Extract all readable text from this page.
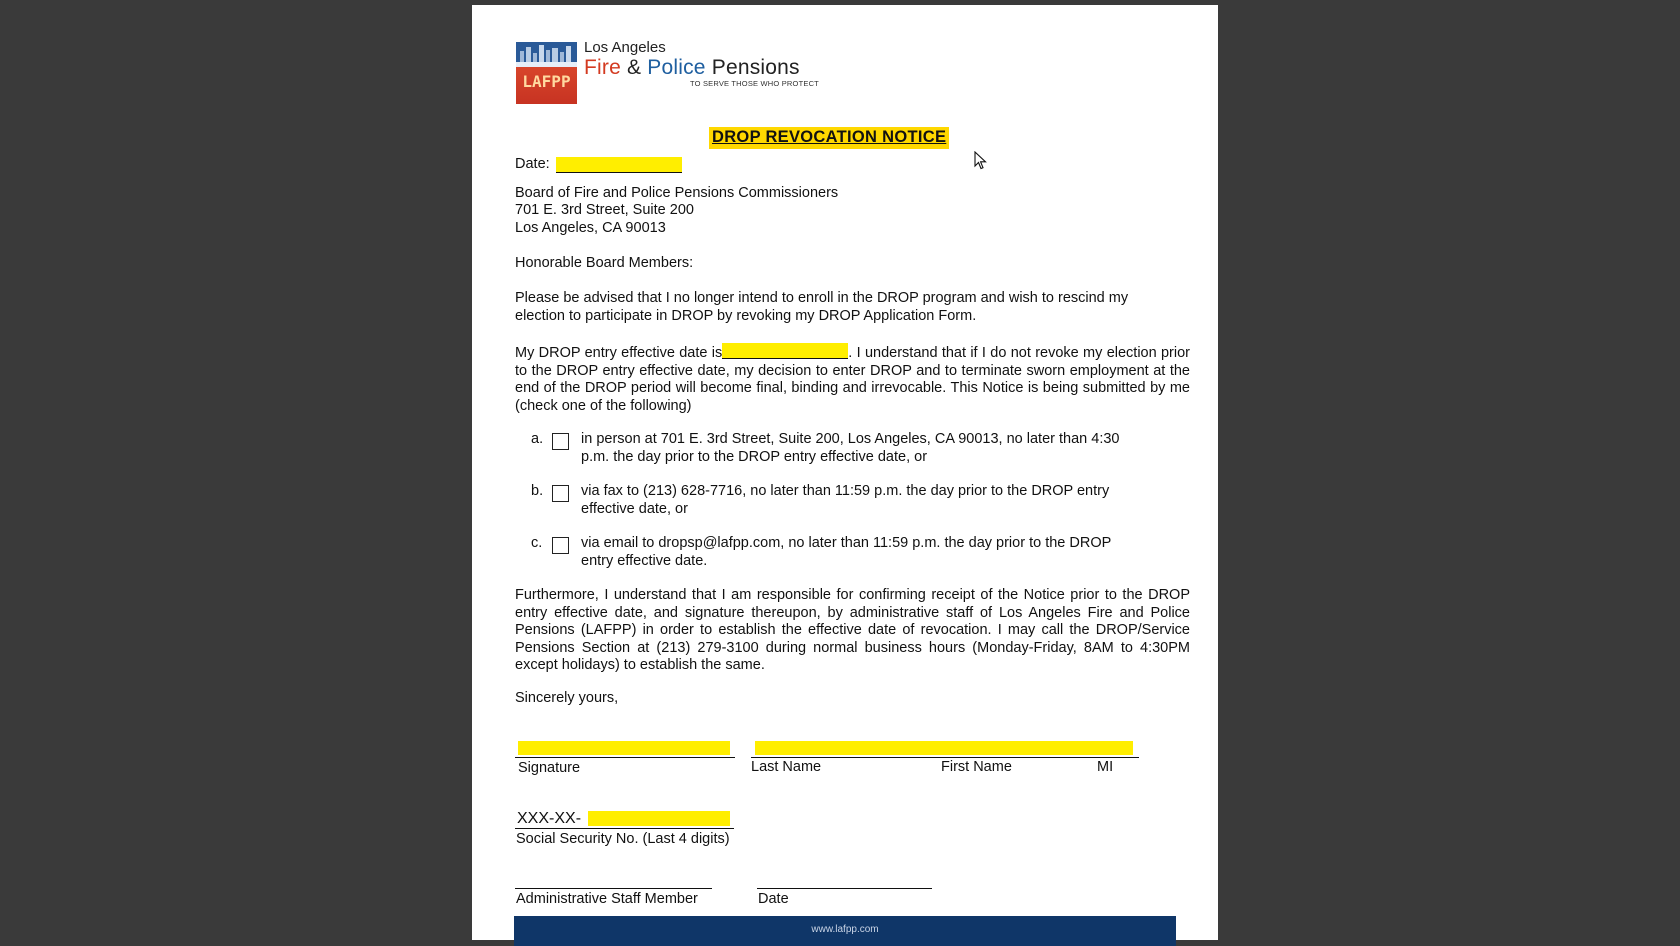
LAFPP
Los Angeles
Fire & Police Pensions
TO SERVE THOSE WHO PROTECT
DROP REVOCATION NOTICE
Date:
Board of Fire and Police Pensions Commissioners
701 E. 3rd Street, Suite 200
Los Angeles, CA 90013
Honorable Board Members:
Please be advised that I no longer intend to enroll in the DROP program and wish to rescind my election to participate in DROP by revoking my DROP Application Form.
My DROP entry effective date is	. I understand that if I do not revoke my election prior to the DROP entry effective date, my decision to enter DROP and to terminate sworn employment at the end of the DROP period will become final, binding and irrevocable. This Notice is being submitted by me (check one of the following)
a.	in person at 701 E. 3rd Street, Suite 200, Los Angeles, CA 90013, no later than 4:30 p.m. the day prior to the DROP entry effective date, or
b.	via fax to (213) 628-7716, no later than 11:59 p.m. the day prior to the DROP entry effective date, or
c.	via email to dropsp@lafpp.com, no later than 11:59 p.m. the day prior to the DROP entry effective date.
Furthermore, I understand that I am responsible for confirming receipt of the Notice prior to the DROP entry effective date, and signature thereupon, by administrative staff of Los Angeles Fire and Police Pensions (LAFPP) in order to establish the effective date of revocation. I may call the DROP/Service Pensions Section at (213) 279-3100 during normal business hours (Monday-Friday, 8AM to 4:30PM except holidays) to establish the same.
Sincerely yours,
Signature	Last Name	First Name	MI
XXX-XX-
Social Security No. (Last 4 digits)
Administrative Staff Member	Date
www.lafpp.com
